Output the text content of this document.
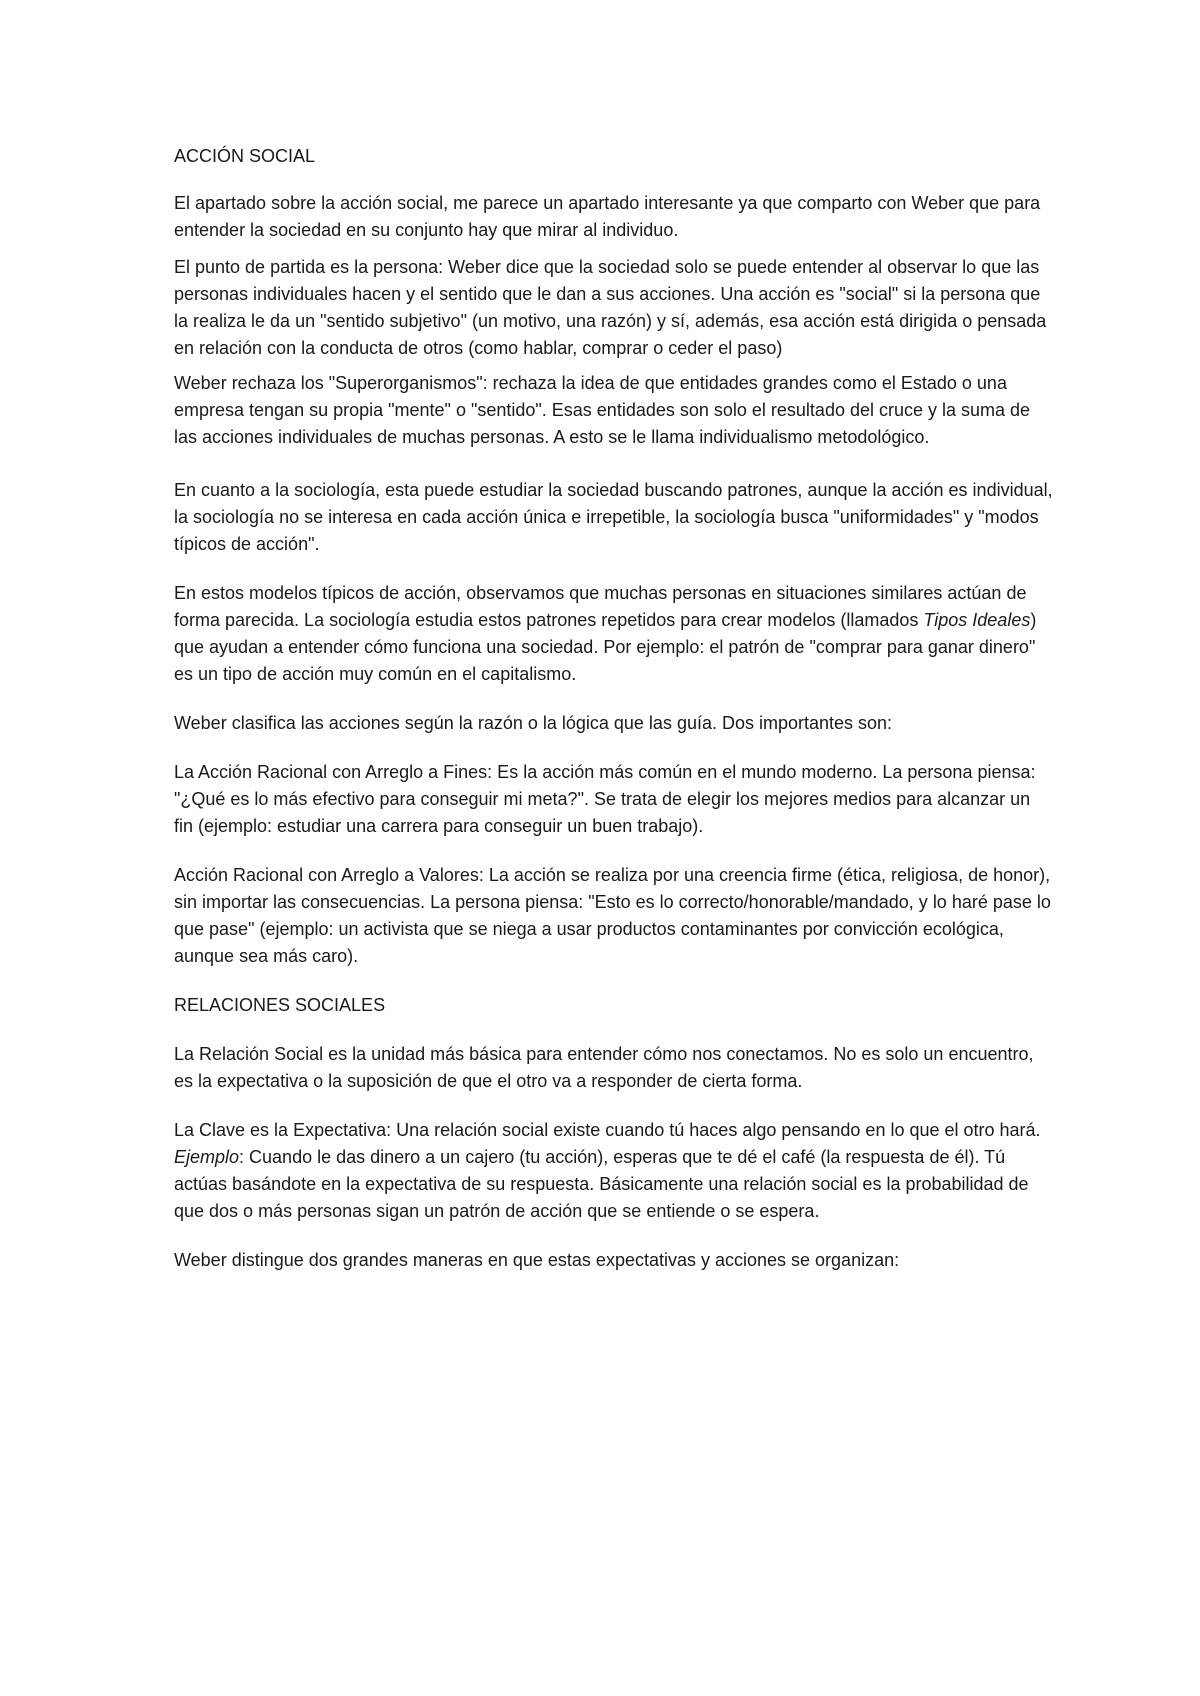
ACCIÓN SOCIAL

El apartado sobre la acción social, me parece un apartado interesante ya que comparto con Weber que para entender la sociedad en su conjunto hay que mirar al individuo.

El punto de partida es la persona: Weber dice que la sociedad solo se puede entender al observar lo que las personas individuales hacen y el sentido que le dan a sus acciones. Una acción es "social" si la persona que la realiza le da un "sentido subjetivo" (un motivo, una razón) y sí, además, esa acción está dirigida o pensada en relación con la conducta de otros (como hablar, comprar o ceder el paso)

Weber rechaza los "Superorganismos": rechaza la idea de que entidades grandes como el Estado o una empresa tengan su propia "mente" o "sentido". Esas entidades son solo el resultado del cruce y la suma de las acciones individuales de muchas personas. A esto se le llama individualismo metodológico.

En cuanto a la sociología, esta puede estudiar la sociedad buscando patrones, aunque la acción es individual, la sociología no se interesa en cada acción única e irrepetible, la sociología busca "uniformidades" y "modos típicos de acción".

En estos modelos típicos de acción, observamos que muchas personas en situaciones similares actúan de forma parecida. La sociología estudia estos patrones repetidos para crear modelos (llamados Tipos Ideales) que ayudan a entender cómo funciona una sociedad. Por ejemplo: el patrón de "comprar para ganar dinero" es un tipo de acción muy común en el capitalismo.

Weber clasifica las acciones según la razón o la lógica que las guía. Dos importantes son:

La Acción Racional con Arreglo a Fines: Es la acción más común en el mundo moderno. La persona piensa: "¿Qué es lo más efectivo para conseguir mi meta?". Se trata de elegir los mejores medios para alcanzar un fin (ejemplo: estudiar una carrera para conseguir un buen trabajo).

Acción Racional con Arreglo a Valores: La acción se realiza por una creencia firme (ética, religiosa, de honor), sin importar las consecuencias. La persona piensa: "Esto es lo correcto/honorable/mandado, y lo haré pase lo que pase" (ejemplo: un activista que se niega a usar productos contaminantes por convicción ecológica, aunque sea más caro).

RELACIONES SOCIALES

La Relación Social es la unidad más básica para entender cómo nos conectamos. No es solo un encuentro, es la expectativa o la suposición de que el otro va a responder de cierta forma.

La Clave es la Expectativa: Una relación social existe cuando tú haces algo pensando en lo que el otro hará. Ejemplo: Cuando le das dinero a un cajero (tu acción), esperas que te dé el café (la respuesta de él). Tú actúas basándote en la expectativa de su respuesta. Básicamente una relación social es la probabilidad de que dos o más personas sigan un patrón de acción que se entiende o se espera.

Weber distingue dos grandes maneras en que estas expectativas y acciones se organizan:
